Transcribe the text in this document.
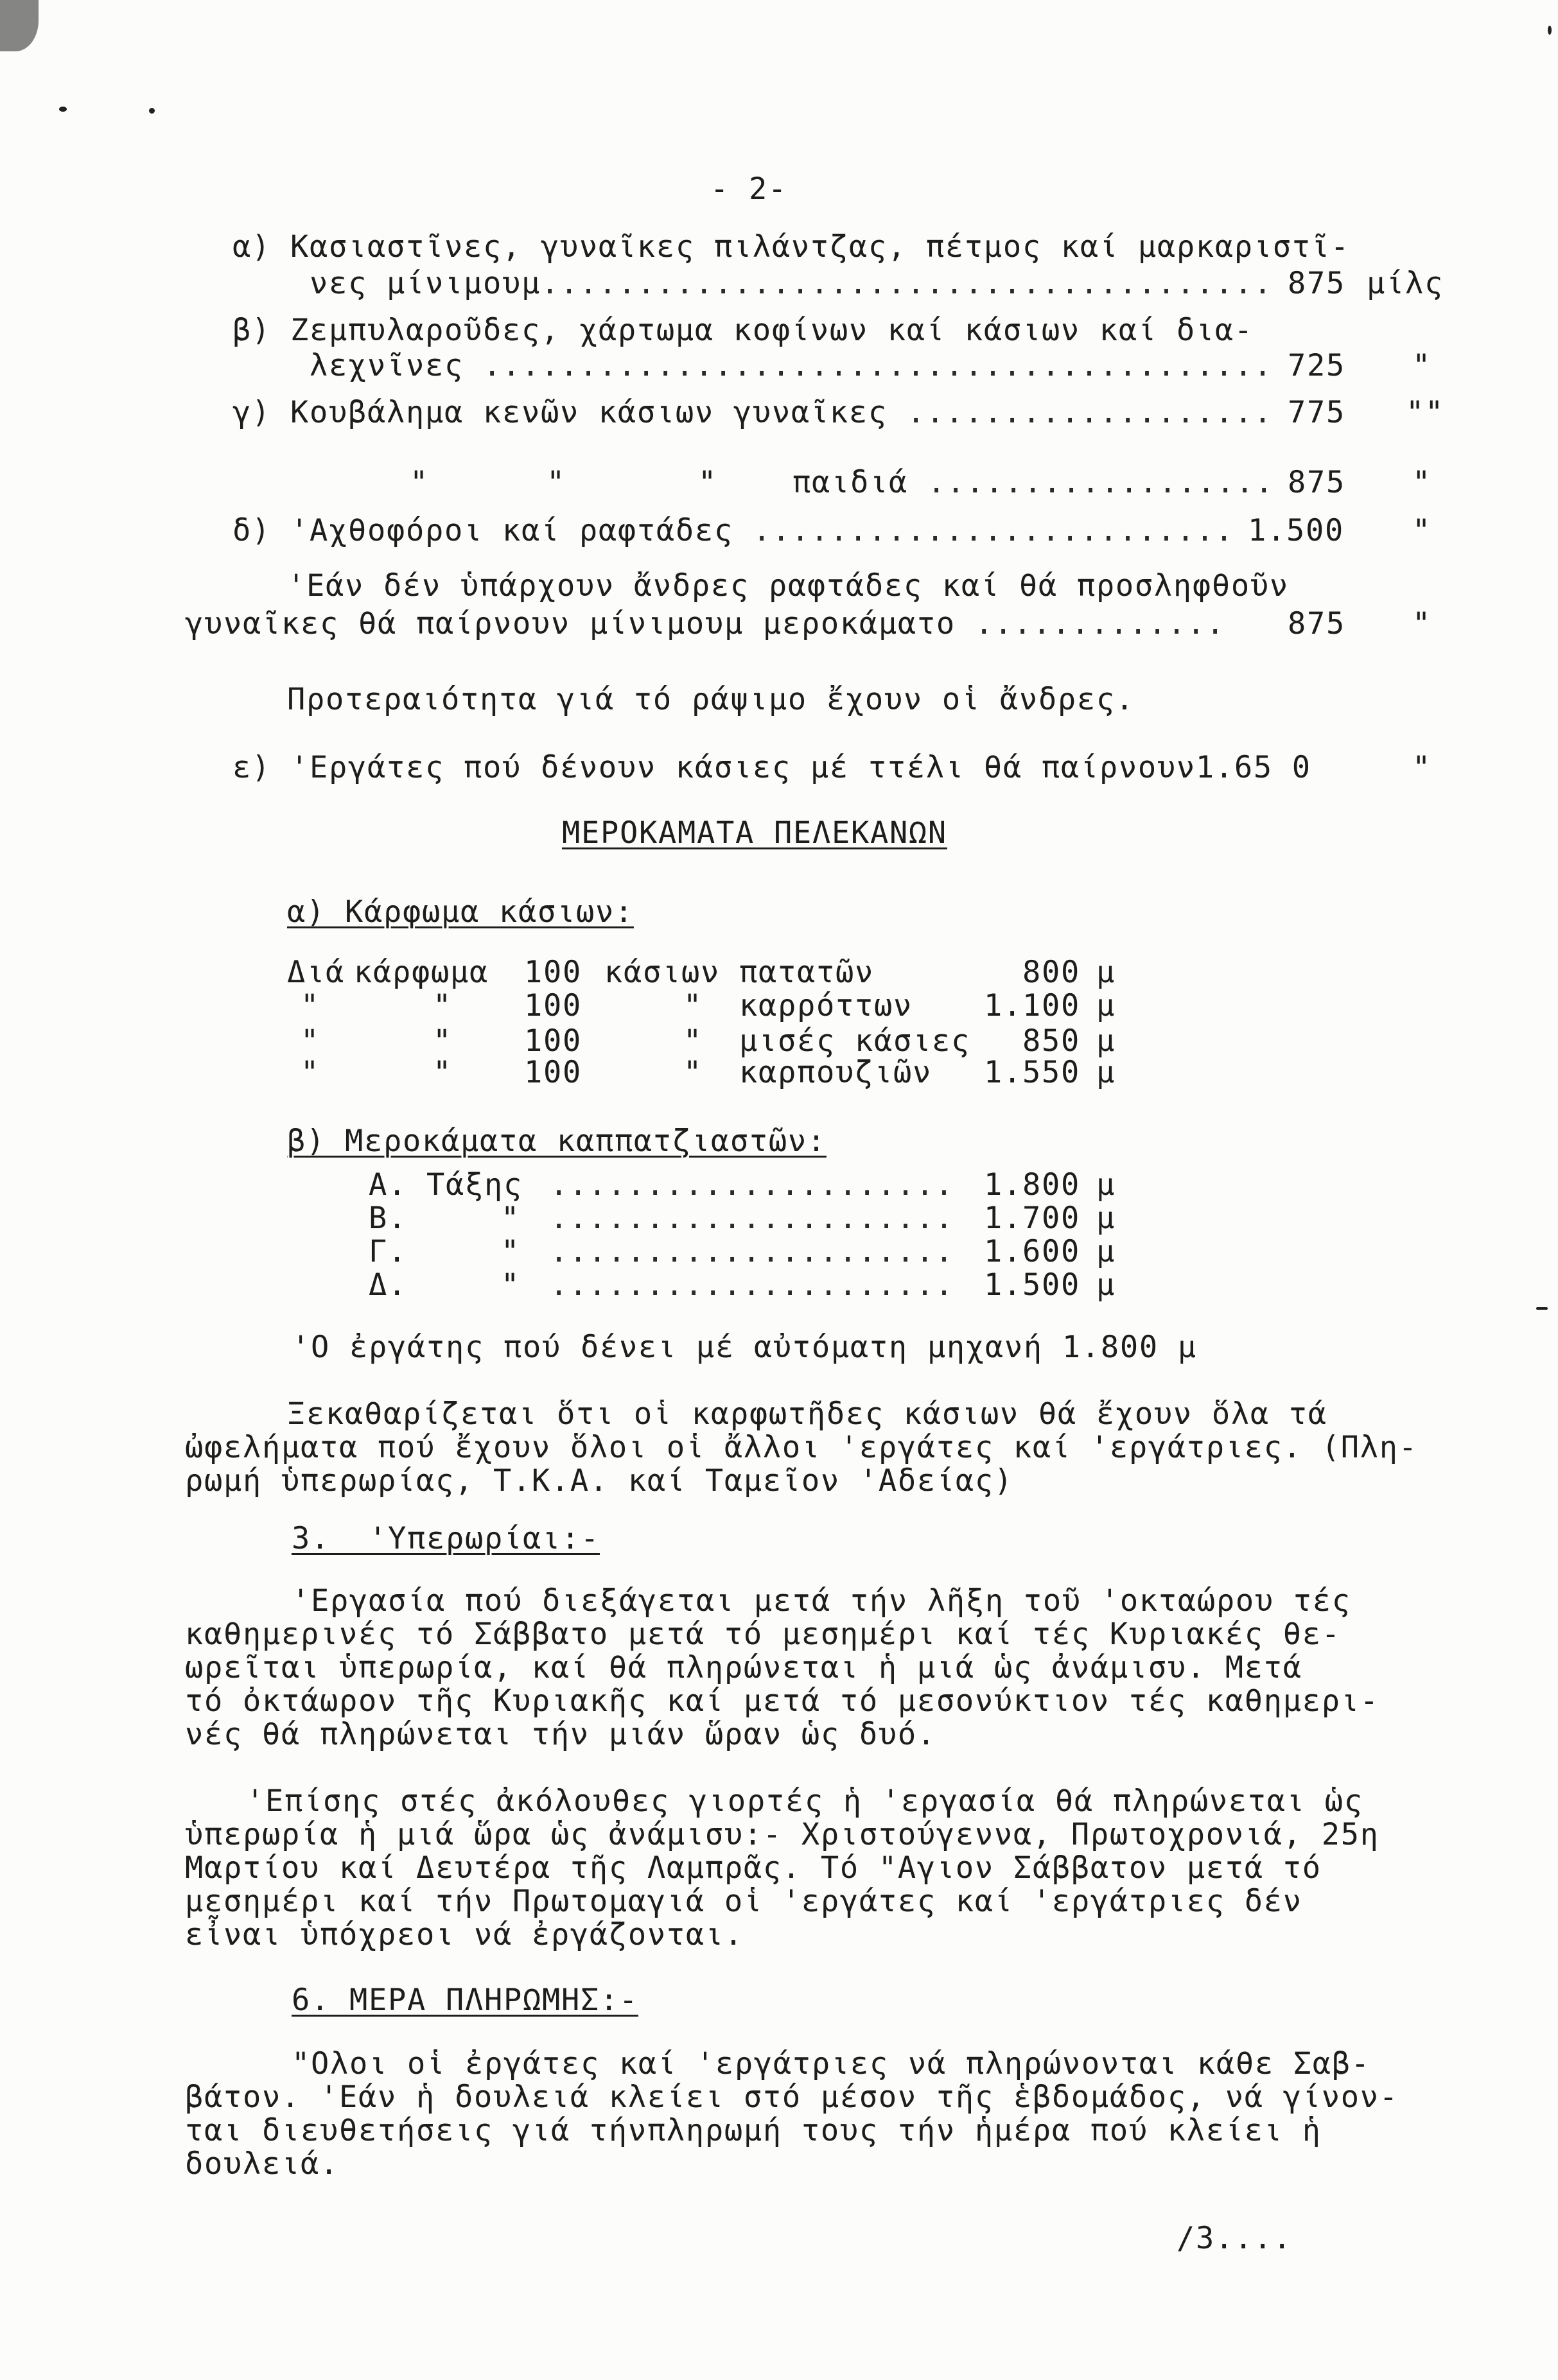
- 2-
α) Κασιαστῖνες, γυναῖκες πιλάντζας, πέτμος καί μαρκαριστῖ-
νες μίνιμουμ .....	875 μίλς
β) Ζεμπυλαροῦδες, χάρτωμα κοφίνων καί κάσιων καί δια-
λεχνῖνες .....	725 "
γ) Κουβάλημα κενῶν κάσιων γυναῖκες .....	775 ""
"	"	" παιδιά .....	875 "
δ) 'Αχθοφόροι καί ραφτάδες .....	1.500 "
'Εάν δέν ὑπάρχουν ἄνδρες ραφτάδες καί θά προσληφθοῦν
γυναῖκες θά παίρνουν μίνιμουμ μεροκάματο .....	875 "
Προτεραιότητα γιά τό ράψιμο ἔχουν οἱ ἄνδρες.
ε) 'Εργάτες πού δένουν κάσιες μέ ττέλι θά παίρνουν1.65 0	"
ΜΕΡΟΚΑΜΑΤΑ ΠΕΛΕΚΑΝΩΝ
α) Κάρφωμα κάσιων:
Διά κάρφωμα 100 κάσιων πατατῶν	800 μ
"	" 100	" καρρόττων 1.100 μ
"	" 100	" μισές κάσιες 850 μ
"	" 100	" καρπουζιῶν 1.550 μ
β) Μεροκάματα καππατζιαστῶν:
Α. Τάξης .....	1.800 μ
Β.	" .....	1.700 μ
Γ.	" .....	1.600 μ
Δ.	" .....	1.500 μ
'Ο ἐργάτης πού δένει μέ αὐτόματη μηχανή 1.800 μ
Ξεκαθαρίζεται ὅτι οἱ καρφωτῆδες κάσιων θά ἔχουν ὅλα τά
ὠφελήματα πού ἔχουν ὅλοι οἱ ἄλλοι 'εργάτες καί 'εργάτριες. (Πλη-
ρωμή ὑπερωρίας, Τ.Κ.Α. καί Ταμεῖον 'Αδείας)
3.  'Υπερωρίαι:-
'Εργασία πού διεξάγεται μετά τήν λῆξη τοῦ 'οκταώρου τές
καθημερινές τό Σάββατο μετά τό μεσημέρι καί τές Κυριακές θε-
ωρεῖται ὑπερωρία, καί θά πληρώνεται ἡ μιά ὡς ἀνάμισυ. Μετά
τό ὀκτάωρον τῆς Κυριακῆς καί μετά τό μεσονύκτιον τές καθημερι-
νές θά πληρώνεται τήν μιάν ὥραν ὡς δυό.
'Επίσης στές ἀκόλουθες γιορτές ἡ 'εργασία θά πληρώνεται ὡς
ὑπερωρία ἡ μιά ὥρα ὡς ἀνάμισυ:- Χριστούγεννα, Πρωτοχρονιά, 25η
Μαρτίου καί Δευτέρα τῆς Λαμπρᾶς. Τό "Αγιον Σάββατον μετά τό
μεσημέρι καί τήν Πρωτομαγιά οἱ 'εργάτες καί 'εργάτριες δέν
εἶναι ὑπόχρεοι νά ἐργάζονται.
6. ΜΕΡΑ ΠΛΗΡΩΜΗΣ:-
"Ολοι οἱ ἐργάτες καί 'εργάτριες νά πληρώνονται κάθε Σαβ-
βάτον. 'Εάν ἡ δουλειά κλείει στό μέσον τῆς ἑβδομάδος, νά γίνον-
ται διευθετήσεις γιά τήνπληρωμή τους τήν ἡμέρα πού κλείει ἡ
δουλειά.
/3....
